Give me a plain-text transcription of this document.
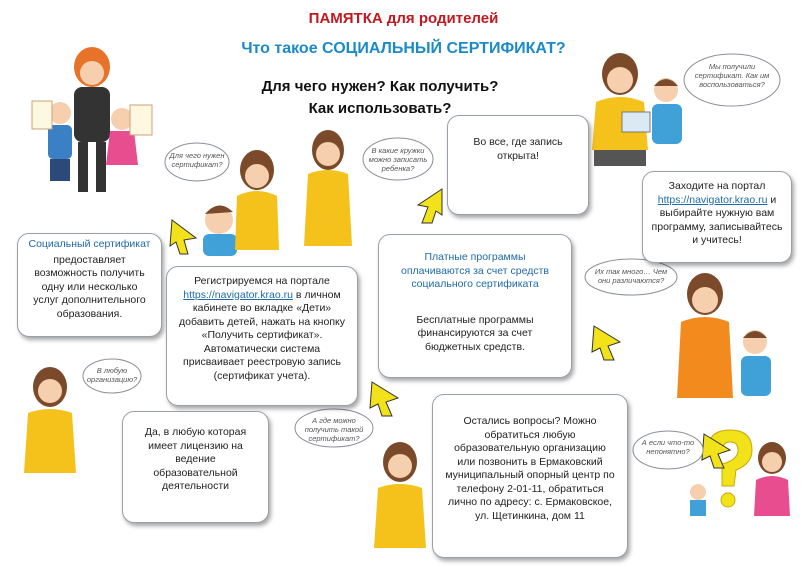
ПАМЯТКА для родителей
Что такое СОЦИАЛЬНЫЙ СЕРТИФИКАТ?
Для чего нужен? Как получить?
Как использовать?
Для чего нужен сертификат?
В какие кружки можно записать ребенка?
Мы получили сертификат. Как им воспользоваться?
Их так много… Чем они различаются?
В любую организацию?
А где можно получить такой сертификат?	А если что-то непонятно?

Социальный сертификат

предоставляет возможность получить одну или несколько услуг дополнительного образования.

Регистрируемся на портале

https://navigator.krao.ru в личном кабинете во вкладке «Дети» добавить детей, нажать на кнопку «Получить сертификат». Автоматически система присваивает реестровую запись (сертификат учета).

Во все, где запись открыта!

Заходите на портал

https://navigator.krao.ru и выбирайте нужную вам программу, записывайтесь и учитесь!

Платные программы оплачиваются за счет средств социального сертификата

Бесплатные программы финансируются за счет бюджетных средств.

Да, в любую которая имеет лицензию на ведение образовательной деятельности

Остались вопросы? Можно обратиться любую образовательную организацию или позвонить в Ермаковский муниципальный опорный центр по телефону 2-01-11, обратиться лично по адресу: с. Ермаковское, ул. Щетинкина, дом 11
